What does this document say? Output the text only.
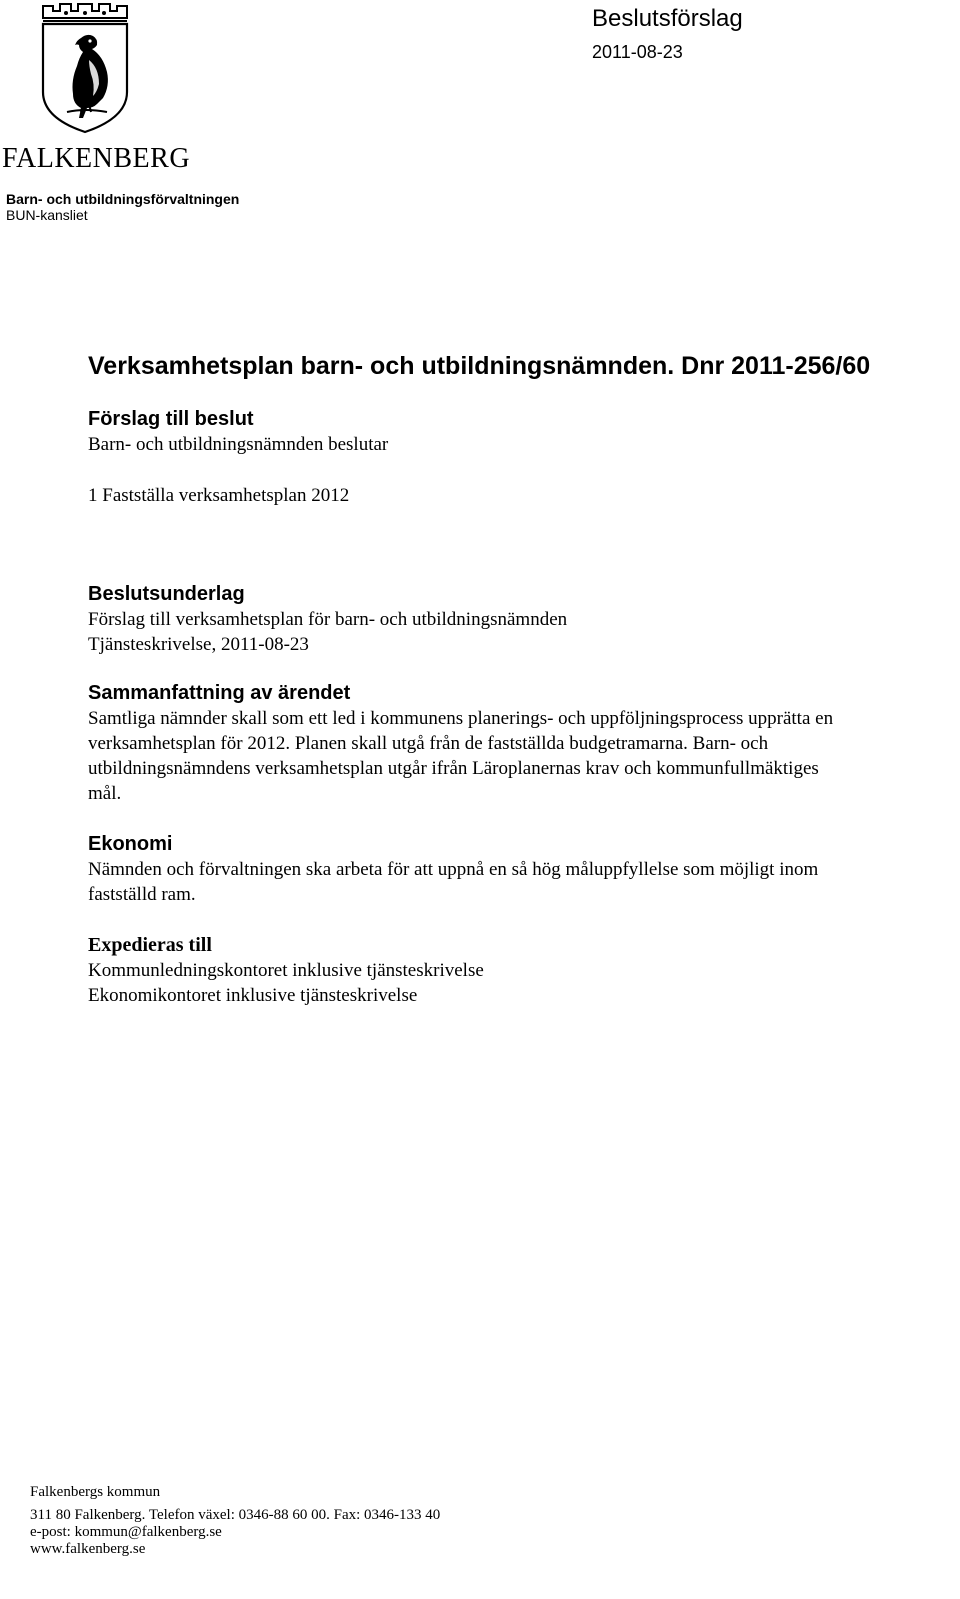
FALKENBERG
Barn- och utbildningsförvaltningen
BUN-kansliet
Beslutsförslag
2011-08-23
Verksamhetsplan barn- och utbildningsnämnden. Dnr 2011-256/60
Förslag till beslut
Barn- och utbildningsnämnden beslutar
1 Fastställa verksamhetsplan 2012
Beslutsunderlag
Förslag till verksamhetsplan för barn- och utbildningsnämnden
Tjänsteskrivelse, 2011-08-23
Sammanfattning av ärendet
Samtliga nämnder skall som ett led i kommunens planerings- och uppföljningsprocess upprätta en
verksamhetsplan för 2012. Planen skall utgå från de fastställda budgetramarna. Barn- och
utbildningsnämndens verksamhetsplan utgår ifrån Läroplanernas krav och kommunfullmäktiges
mål.
Ekonomi
Nämnden och förvaltningen ska arbeta för att uppnå en så hög måluppfyllelse som möjligt inom
fastställd ram.
Expedieras till
Kommunledningskontoret inklusive tjänsteskrivelse
Ekonomikontoret inklusive tjänsteskrivelse
Falkenbergs kommun
311 80 Falkenberg. Telefon växel: 0346-88 60 00. Fax: 0346-133 40
e-post: kommun@falkenberg.se
www.falkenberg.se
